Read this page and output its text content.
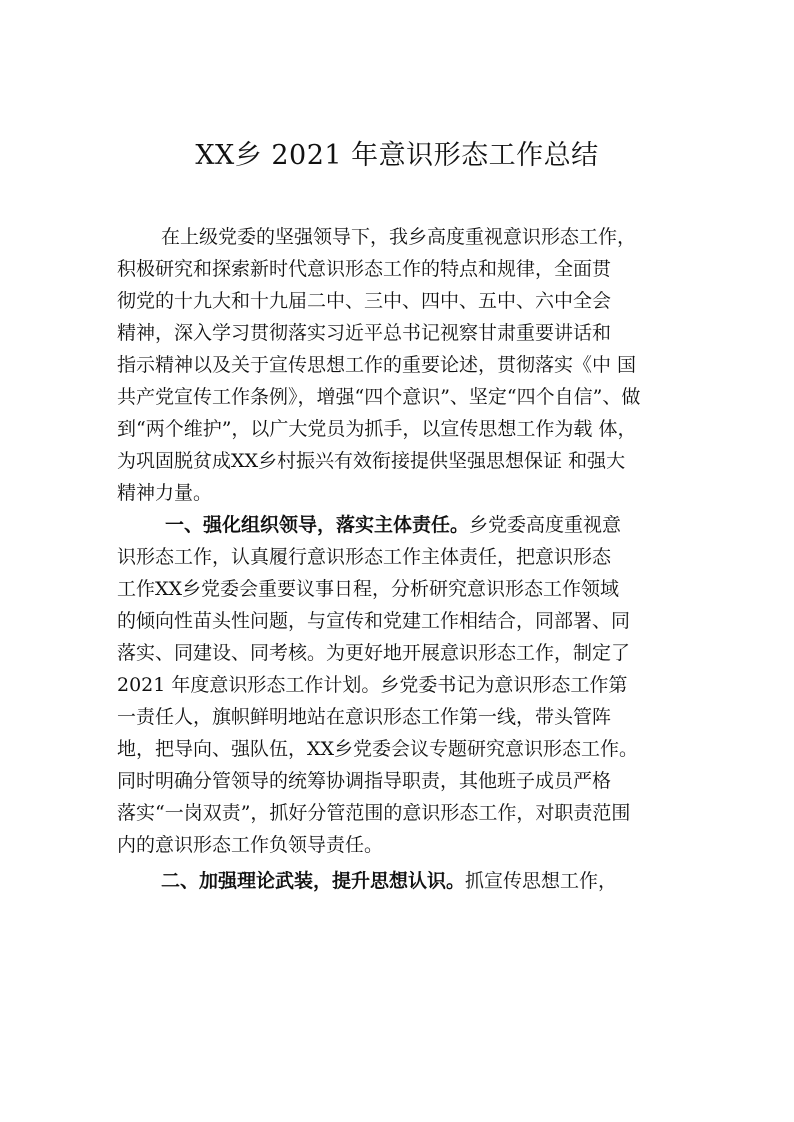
XX乡 2021 年意识形态工作总结
在上级党委的坚强领导下，我乡高度重视意识形态工作，
积极研究和探索新时代意识形态工作的特点和规律，全面贯
彻党的十九大和十九届二中、三中、四中、五中、六中全会
精神，深入学习贯彻落实习近平总书记视察甘肃重要讲话和
指示精神以及关于宣传思想工作的重要论述，贯彻落实《中 国
共产党宣传工作条例》，增强“四个意识”、坚定“四个自信”、做
到“两个维护”，以广大党员为抓手，以宣传思想工作为载 体，
为巩固脱贫成XX乡村振兴有效衔接提供坚强思想保证 和强大
精神力量。
一、强化组织领导，落实主体责任。乡党委高度重视意
识形态工作，认真履行意识形态工作主体责任，把意识形态
工作XX乡党委会重要议事日程，分析研究意识形态工作领域
的倾向性苗头性问题，与宣传和党建工作相结合，同部署、同
落实、同建设、同考核。为更好地开展意识形态工作，制定了
2021 年度意识形态工作计划。乡党委书记为意识形态工作第
一责任人，旗帜鲜明地站在意识形态工作第一线，带头管阵
地，把导向、强队伍，XX乡党委会议专题研究意识形态工作。
同时明确分管领导的统筹协调指导职责，其他班子成员严格
落实“一岗双责”，抓好分管范围的意识形态工作，对职责范围
内的意识形态工作负领导责任。
二、加强理论武装，提升思想认识。抓宣传思想工作，
